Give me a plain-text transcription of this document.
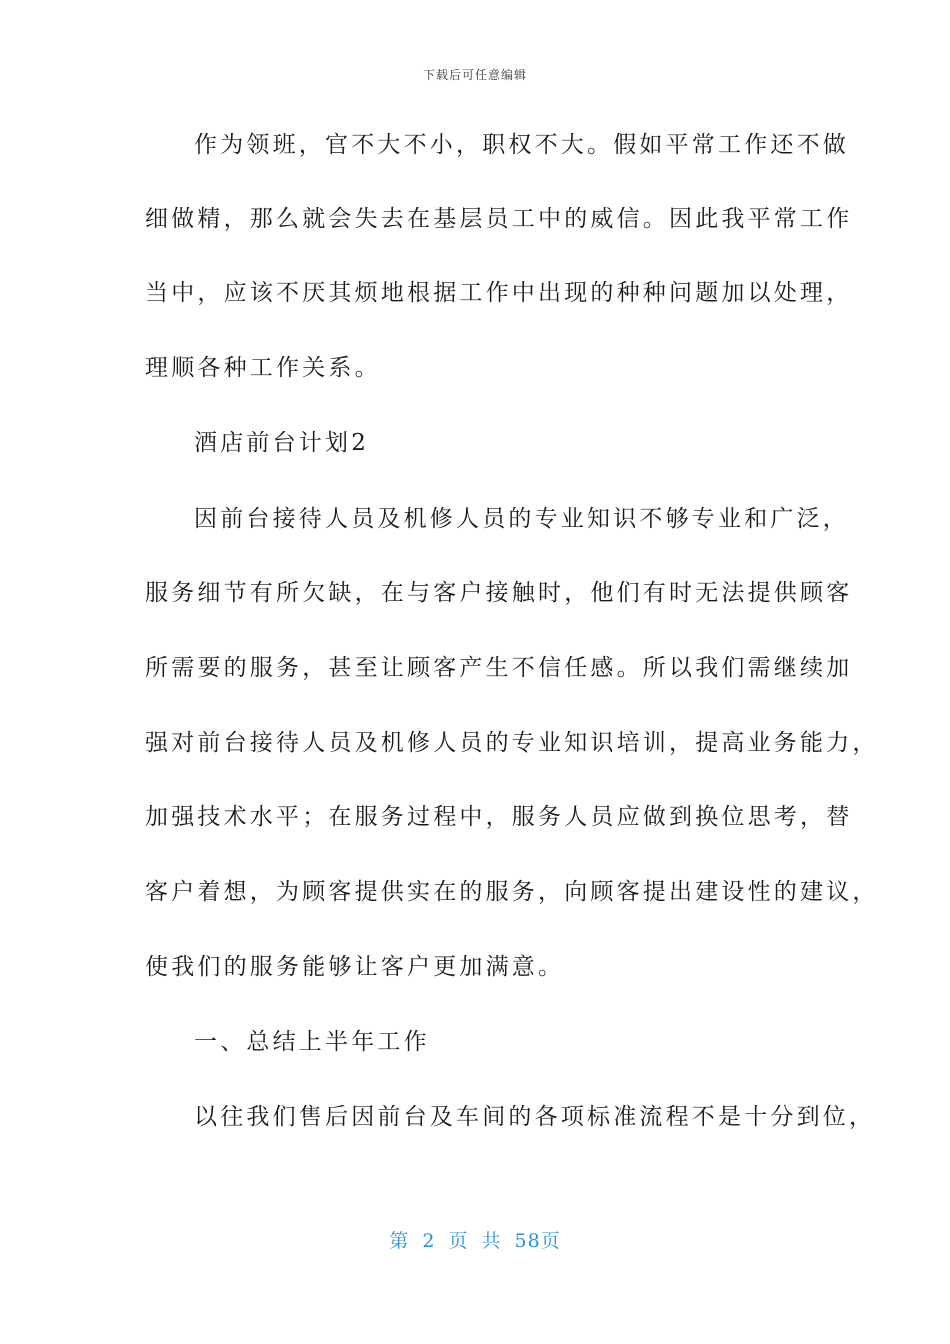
下载后可任意编辑
作为领班，官不大不小，职权不大。假如平常工作还不做
细做精，那么就会失去在基层员工中的威信。因此我平常工作
当中，应该不厌其烦地根据工作中出现的种种问题加以处理，
理顺各种工作关系。
酒店前台计划2
因前台接待人员及机修人员的专业知识不够专业和广泛，
服务细节有所欠缺，在与客户接触时，他们有时无法提供顾客
所需要的服务，甚至让顾客产生不信任感。所以我们需继续加
强对前台接待人员及机修人员的专业知识培训，提高业务能力，
加强技术水平；在服务过程中，服务人员应做到换位思考，替
客户着想，为顾客提供实在的服务，向顾客提出建设性的建议，
使我们的服务能够让客户更加满意。
一、总结上半年工作
以往我们售后因前台及车间的各项标准流程不是十分到位，
第 2 页 共 58页
